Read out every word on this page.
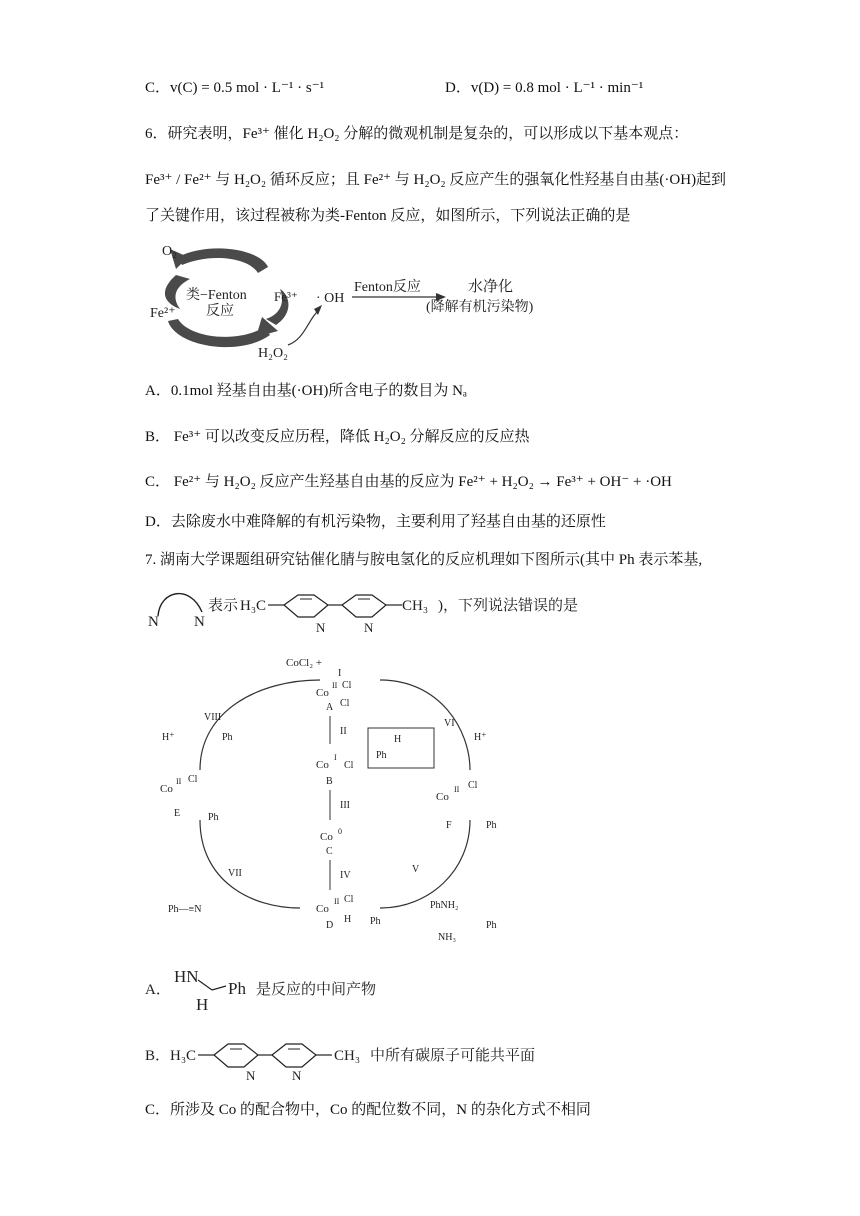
C．v(C) = 0.5 mol · L⁻¹ · s⁻¹	D．v(D) = 0.8 mol · L⁻¹ · min⁻¹
6．研究表明，Fe³⁺ 催化 H₂O₂ 分解的微观机制是复杂的，可以形成以下基本观点：
Fe³⁺ / Fe²⁺ 与 H₂O₂ 循环反应；且 Fe²⁺ 与 H₂O₂ 反应产生的强氧化性羟基自由基(·OH)起到
了关键作用，该过程被称为类-Fenton 反应，如图所示，下列说法正确的是
O₂
Fe²⁺
Fe³⁺
类−Fenton
反应
H₂O₂
· OH
Fenton反应	水净化
(降解有机污染物)
A．0.1mol 羟基自由基(·OH)所含电子的数目为 Nₐ
B． Fe³⁺ 可以改变反应历程，降低 H₂O₂ 分解反应的反应热
C． Fe²⁺ 与 H₂O₂ 反应产生羟基自由基的反应为 Fe²⁺ + H₂O₂ → Fe³⁺ + OH⁻ + ·OH
D．去除废水中难降解的有机污染物，主要利用了羟基自由基的还原性
7. 湖南大学课题组研究钴催化腈与胺电氢化的反应机理如下图所示(其中 Ph 表示苯基,
N N
表示 H₃C
N	N
CH₃ )，下列说法错误的是
CoCl₂ +
I
Co
II Cl
Cl
A
II
Co
I
Cl
B
III
Co 0
C
IV
Co
II Cl
H
D
Co
II Cl
E	Ph
Co
II Cl
F	Ph
H⁺
VIII
Ph
VI
H⁺
Ph
H
VII
Ph—≡N
V
PhNH₂
Ph
NH₃
Ph
A．
HN
H
Ph 是反应的中间产物
B． H₃C
N	N
CH₃ 中所有碳原子可能共平面
C．所涉及 Co 的配合物中，Co 的配位数不同，N 的杂化方式不相同
